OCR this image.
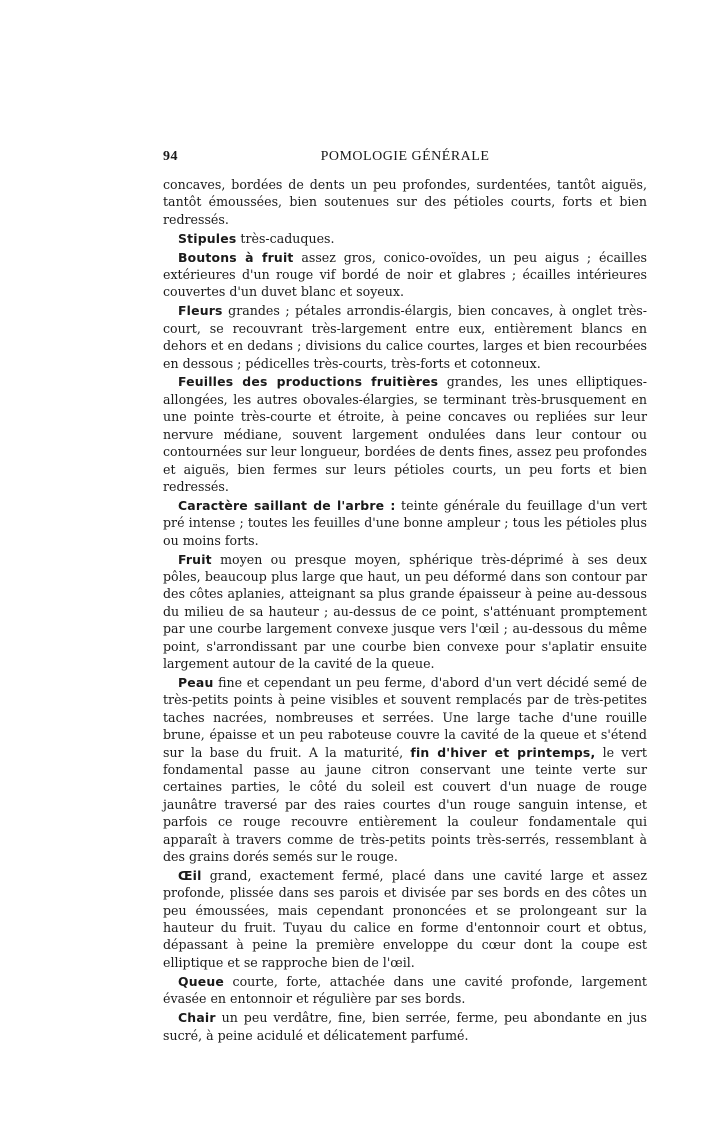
94	POMOLOGIE GÉNÉRALE

concaves, bordées de dents un peu profondes, surdentées, tantôt aiguës, tantôt émoussées, bien soutenues sur des pétioles courts, forts et bien redressés.

Stipules très-caduques.

Boutons à fruit assez gros, conico-ovoïdes, un peu aigus ; écailles extérieures d'un rouge vif bordé de noir et glabres ; écailles intérieures couvertes d'un duvet blanc et soyeux.

Fleurs grandes ; pétales arrondis-élargis, bien concaves, à onglet très-court, se recouvrant très-largement entre eux, entièrement blancs en dehors et en dedans ; divisions du calice courtes, larges et bien recourbées en dessous ; pédicelles très-courts, très-forts et cotonneux.

Feuilles des productions fruitières grandes, les unes elliptiques-allongées, les autres obovales-élargies, se terminant très-brusquement en une pointe très-courte et étroite, à peine concaves ou repliées sur leur nervure médiane, souvent largement ondulées dans leur contour ou contournées sur leur longueur, bordées de dents fines, assez peu profondes et aiguës, bien fermes sur leurs pétioles courts, un peu forts et bien redressés.

Caractère saillant de l'arbre : teinte générale du feuillage d'un vert pré intense ; toutes les feuilles d'une bonne ampleur ; tous les pétioles plus ou moins forts.

Fruit moyen ou presque moyen, sphérique très-déprimé à ses deux pôles, beaucoup plus large que haut, un peu déformé dans son contour par des côtes aplanies, atteignant sa plus grande épaisseur à peine au-dessous du milieu de sa hauteur ; au-dessus de ce point, s'atténuant promptement par une courbe largement convexe jusque vers l'œil ; au-dessous du même point, s'arrondissant par une courbe bien convexe pour s'aplatir ensuite largement autour de la cavité de la queue.

Peau fine et cependant un peu ferme, d'abord d'un vert décidé semé de très-petits points à peine visibles et souvent remplacés par de très-petites taches nacrées, nombreuses et serrées. Une large tache d'une rouille brune, épaisse et un peu raboteuse couvre la cavité de la queue et s'étend sur la base du fruit. A la maturité, fin d'hiver et printemps, le vert fondamental passe au jaune citron conservant une teinte verte sur certaines parties, le côté du soleil est couvert d'un nuage de rouge jaunâtre traversé par des raies courtes d'un rouge sanguin intense, et parfois ce rouge recouvre entièrement la couleur fondamentale qui apparaît à travers comme de très-petits points très-serrés, ressemblant à des grains dorés semés sur le rouge.

Œil grand, exactement fermé, placé dans une cavité large et assez profonde, plissée dans ses parois et divisée par ses bords en des côtes un peu émoussées, mais cependant prononcées et se prolongeant sur la hauteur du fruit. Tuyau du calice en forme d'entonnoir court et obtus, dépassant à peine la première enveloppe du cœur dont la coupe est elliptique et se rapproche bien de l'œil.

Queue courte, forte, attachée dans une cavité profonde, largement évasée en entonnoir et régulière par ses bords.

Chair un peu verdâtre, fine, bien serrée, ferme, peu abondante en jus sucré, à peine acidulé et délicatement parfumé.
